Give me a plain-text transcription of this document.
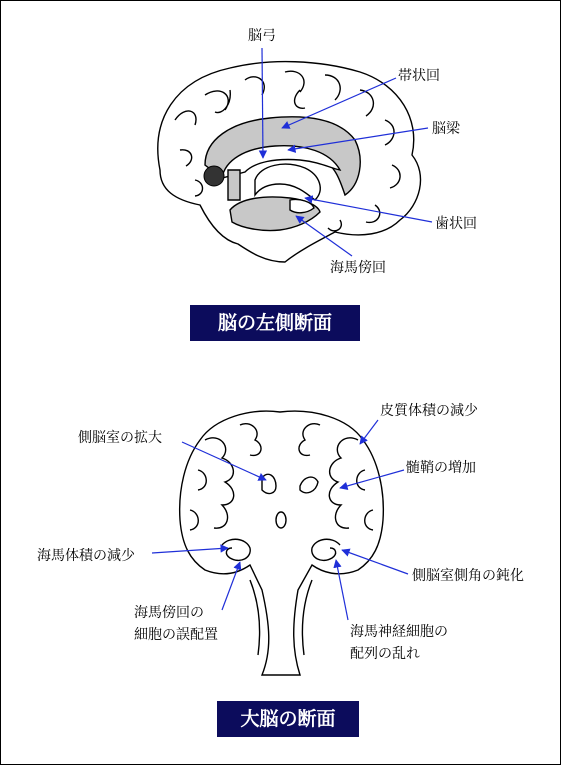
脳弓
帯状回
脳梁
歯状回
海馬傍回
皮質体積の減少
側脳室の拡大
髄鞘の増加
海馬体積の減少
側脳室側角の鈍化
海馬傍回の
細胞の誤配置	海馬神経細胞の
配列の乱れ
脳の左側断面
大脳の断面
